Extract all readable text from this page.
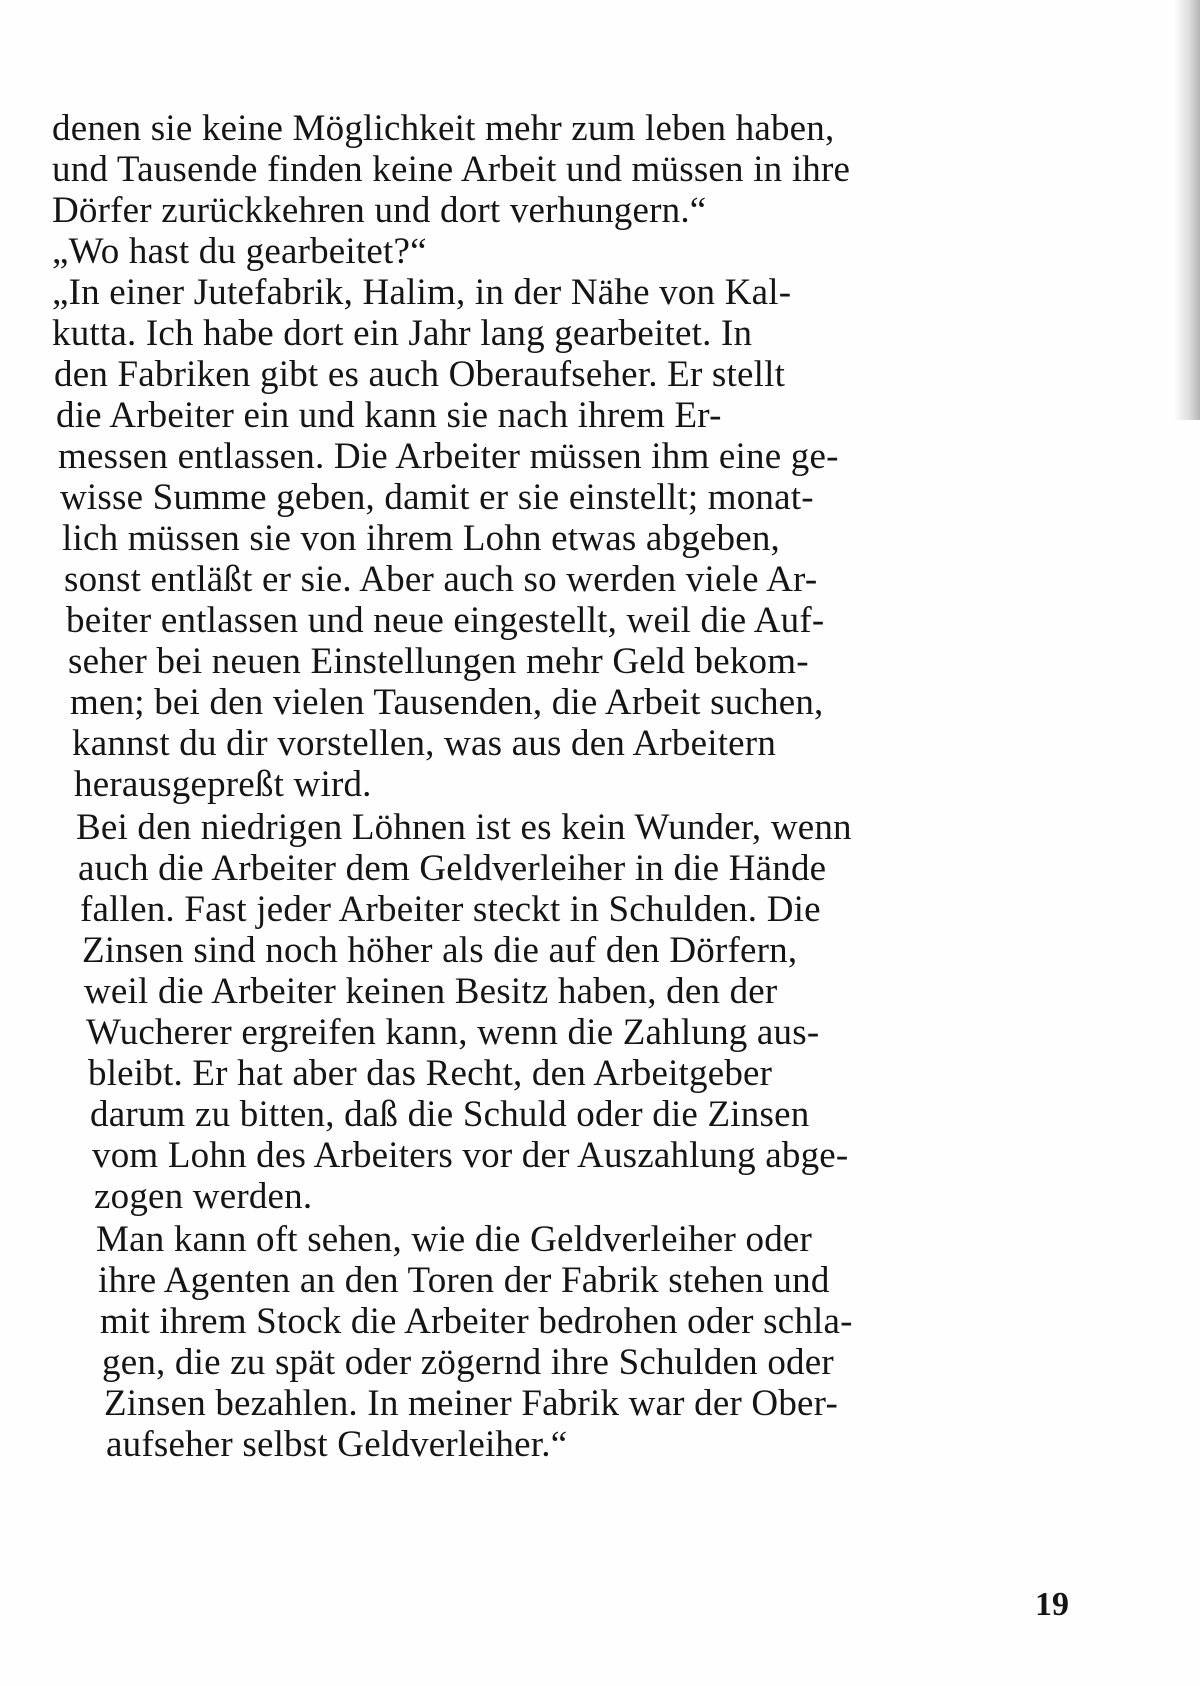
denen sie keine Möglichkeit mehr zum leben haben,
und Tausende finden keine Arbeit und müssen in ihre
Dörfer zurückkehren und dort verhungern.“
„Wo hast du gearbeitet?“
„In einer Jutefabrik, Halim, in der Nähe von Kal-
kutta. Ich habe dort ein Jahr lang gearbeitet. In
den Fabriken gibt es auch Oberaufseher. Er stellt
die Arbeiter ein und kann sie nach ihrem Er-
messen entlassen. Die Arbeiter müssen ihm eine ge-
wisse Summe geben, damit er sie einstellt; monat-
lich müssen sie von ihrem Lohn etwas abgeben,
sonst entläßt er sie. Aber auch so werden viele Ar-
beiter entlassen und neue eingestellt, weil die Auf-
seher bei neuen Einstellungen mehr Geld bekom-
men; bei den vielen Tausenden, die Arbeit suchen,
kannst du dir vorstellen, was aus den Arbeitern
herausgepreßt wird.
Bei den niedrigen Löhnen ist es kein Wunder, wenn
auch die Arbeiter dem Geldverleiher in die Hände
fallen. Fast jeder Arbeiter steckt in Schulden. Die
Zinsen sind noch höher als die auf den Dörfern,
weil die Arbeiter keinen Besitz haben, den der
Wucherer ergreifen kann, wenn die Zahlung aus-
bleibt. Er hat aber das Recht, den Arbeitgeber
darum zu bitten, daß die Schuld oder die Zinsen
vom Lohn des Arbeiters vor der Auszahlung abge-
zogen werden.
Man kann oft sehen, wie die Geldverleiher oder
ihre Agenten an den Toren der Fabrik stehen und
mit ihrem Stock die Arbeiter bedrohen oder schla-
gen, die zu spät oder zögernd ihre Schulden oder
Zinsen bezahlen. In meiner Fabrik war der Ober-
aufseher selbst Geldverleiher.“
19
